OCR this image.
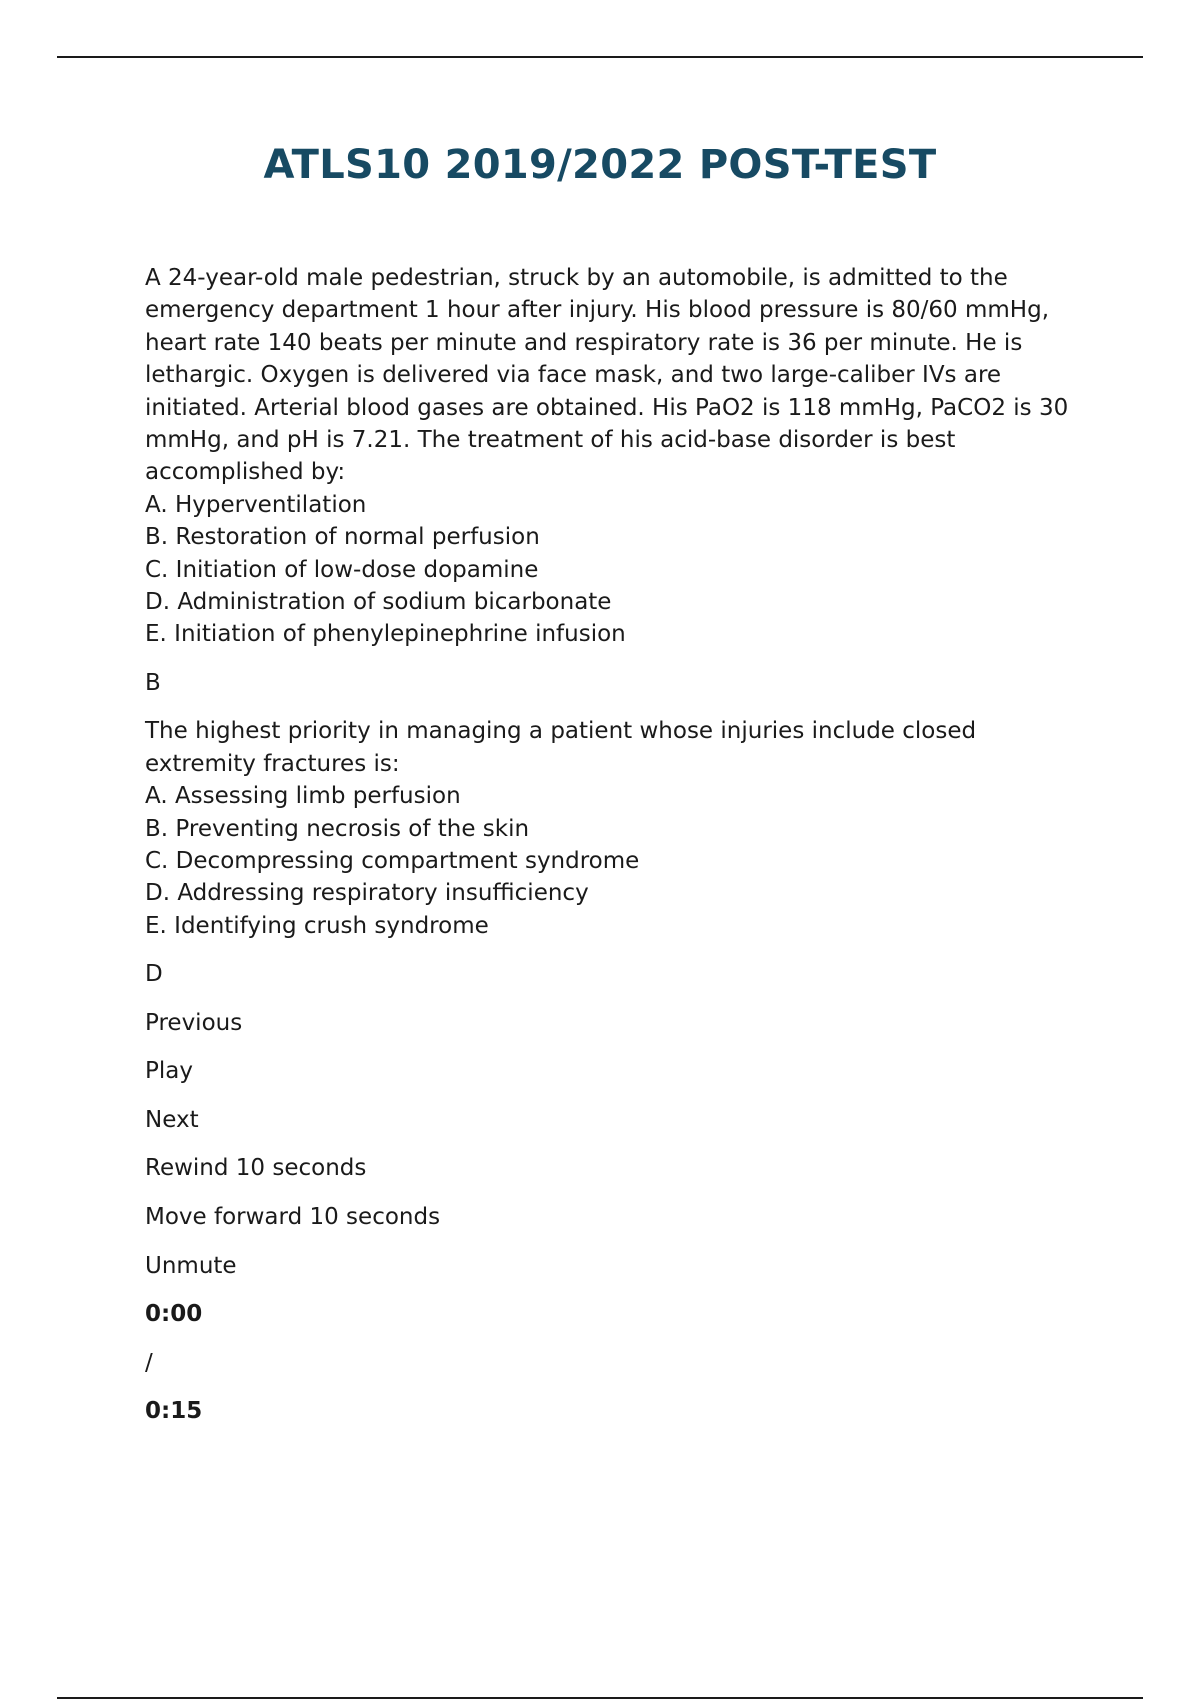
ATLS10 2019/2022 POST-TEST

A 24-year-old male pedestrian, struck by an automobile, is admitted to the emergency department 1 hour after injury. His blood pressure is 80/60 mmHg, heart rate 140 beats per minute and respiratory rate is 36 per minute. He is lethargic. Oxygen is delivered via face mask, and two large-caliber IVs are initiated. Arterial blood gases are obtained. His PaO2 is 118 mmHg, PaCO2 is 30 mmHg, and pH is 7.21. The treatment of his acid-base disorder is best accomplished by:

A. Hyperventilation
B. Restoration of normal perfusion
C. Initiation of low-dose dopamine
D. Administration of sodium bicarbonate
E. Initiation of phenylepinephrine infusion

B

The highest priority in managing a patient whose injuries include closed extremity fractures is:

A. Assessing limb perfusion
B. Preventing necrosis of the skin
C. Decompressing compartment syndrome
D. Addressing respiratory insufficiency
E. Identifying crush syndrome

D

Previous

Play

Next

Rewind 10 seconds

Move forward 10 seconds

Unmute

0:00

/

0:15
